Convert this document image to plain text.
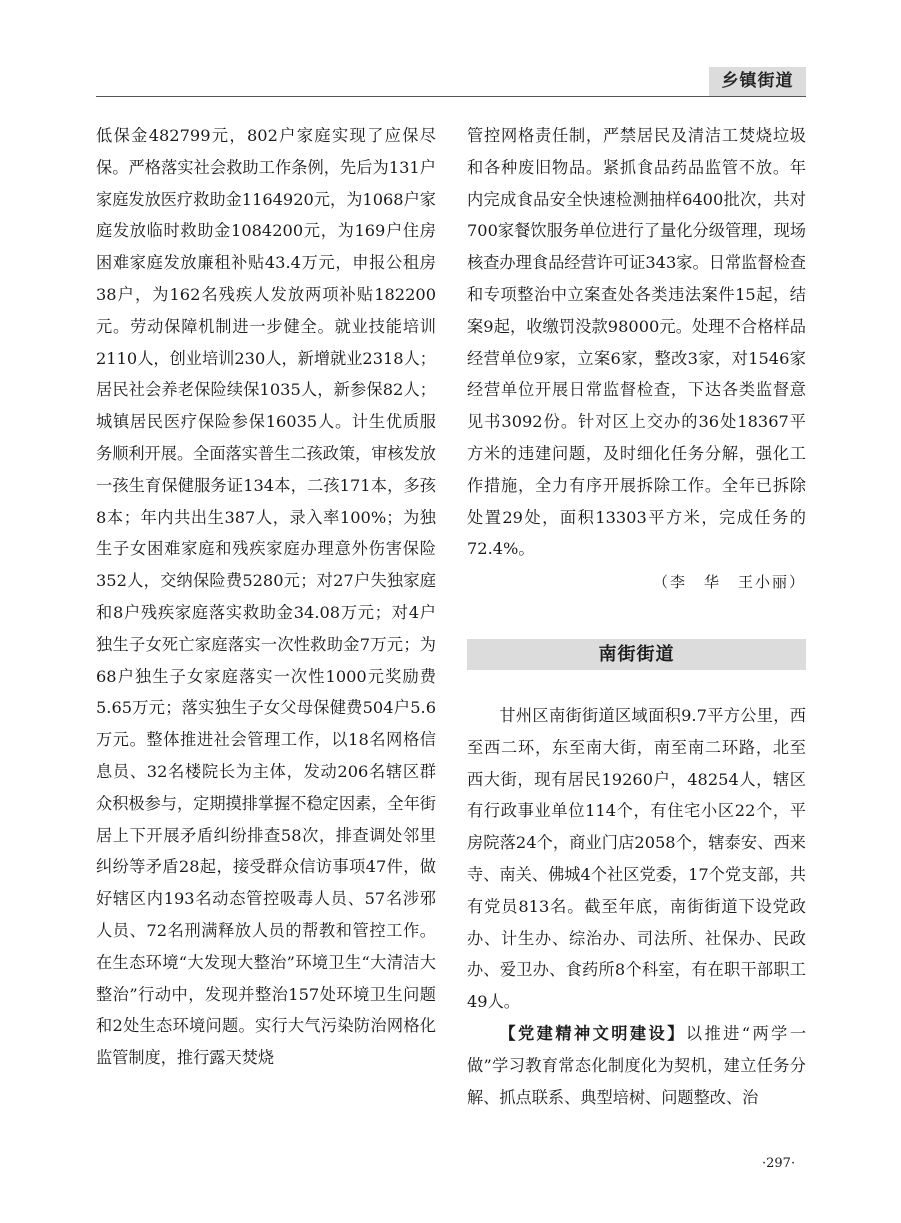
乡镇街道

低保金482799元，802户家庭实现了应保尽保。严格落实社会救助工作条例，先后为131户家庭发放医疗救助金1164920元，为1068户家庭发放临时救助金1084200元，为169户住房困难家庭发放廉租补贴43.4万元，申报公租房38户，为162名残疾人发放两项补贴182200元。劳动保障机制进一步健全。就业技能培训2110人，创业培训230人，新增就业2318人；居民社会养老保险续保1035人，新参保82人；城镇居民医疗保险参保16035人。计生优质服务顺利开展。全面落实普生二孩政策，审核发放一孩生育保健服务证134本，二孩171本，多孩8本；年内共出生387人，录入率100%；为独生子女困难家庭和残疾家庭办理意外伤害保险352人，交纳保险费5280元；对27户失独家庭和8户残疾家庭落实救助金34.08万元；对4户独生子女死亡家庭落实一次性救助金7万元；为68户独生子女家庭落实一次性1000元奖励费5.65万元；落实独生子女父母保健费504户5.6万元。整体推进社会管理工作，以18名网格信息员、32名楼院长为主体，发动206名辖区群众积极参与，定期摸排掌握不稳定因素，全年街居上下开展矛盾纠纷排查58次，排查调处邻里纠纷等矛盾28起，接受群众信访事项47件，做好辖区内193名动态管控吸毒人员、57名涉邪人员、72名刑满释放人员的帮教和管控工作。在生态环境“大发现大整治”环境卫生“大清洁大整治”行动中，发现并整治157处环境卫生问题和2处生态环境问题。实行大气污染防治网格化监管制度，推行露天焚烧

管控网格责任制，严禁居民及清洁工焚烧垃圾和各种废旧物品。紧抓食品药品监管不放。年内完成食品安全快速检测抽样6400批次，共对700家餐饮服务单位进行了量化分级管理，现场核查办理食品经营许可证343家。日常监督检查和专项整治中立案查处各类违法案件15起，结案9起，收缴罚没款98000元。处理不合格样品经营单位9家，立案6家，整改3家，对1546家经营单位开展日常监督检查，下达各类监督意见书3092份。针对区上交办的36处18367平方米的违建问题，及时细化任务分解，强化工作措施，全力有序开展拆除工作。全年已拆除处置29处，面积13303平方米，完成任务的72.4%。

（李　华　王小丽）

南街街道

甘州区南街街道区域面积9.7平方公里，西至西二环，东至南大街，南至南二环路，北至西大街，现有居民19260户，48254人，辖区有行政事业单位114个，有住宅小区22个，平房院落24个，商业门店2058个，辖泰安、西来寺、南关、佛城4个社区党委，17个党支部，共有党员813名。截至年底，南街街道下设党政办、计生办、综治办、司法所、社保办、民政办、爱卫办、食药所8个科室，有在职干部职工49人。

【党建精神文明建设】以推进“两学一做”学习教育常态化制度化为契机，建立任务分解、抓点联系、典型培树、问题整改、治

·297·
